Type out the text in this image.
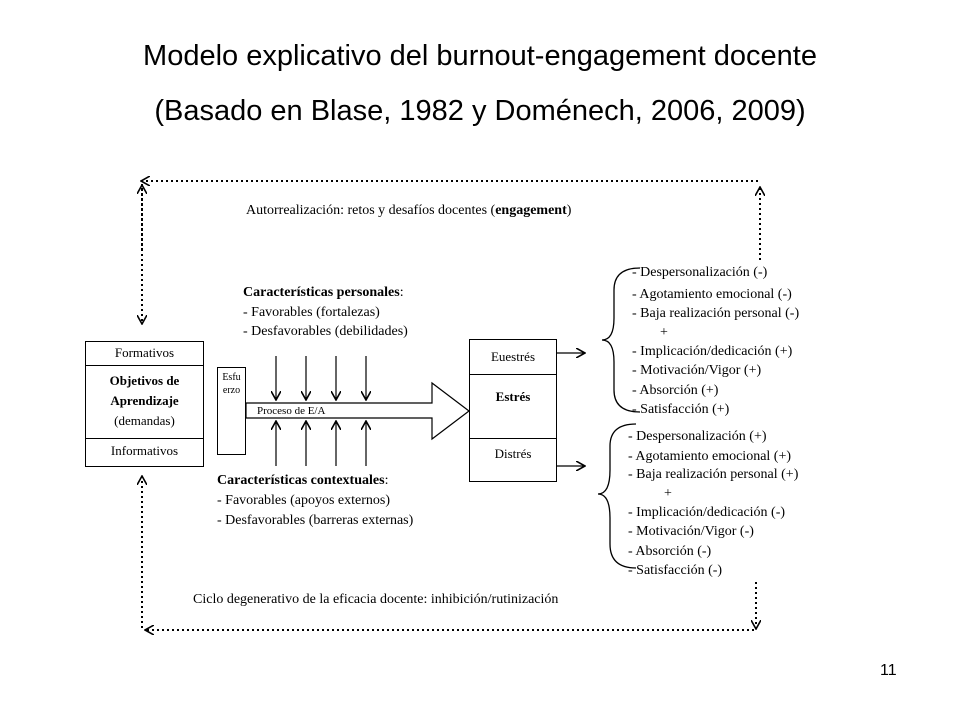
Modelo explicativo del burnout-engagement docente
(Basado en Blase, 1982 y Doménech, 2006, 2009)
Autorrealización: retos y desafíos docentes (engagement)
Formativos
Objetivos de
Aprendizaje
(demandas)
Informativos
Esfu
erzo
Proceso de E/A
Características personales:
- Favorables (fortalezas)
- Desfavorables (debilidades)
Características contextuales:
- Favorables (apoyos externos)
- Desfavorables (barreras externas)
Euestrés
Estrés
Distrés
- Despersonalización (-)
- Agotamiento emocional (-)
- Baja realización personal (-)
+
- Implicación/dedicación (+)
- Motivación/Vigor (+)
- Absorción (+)
- Satisfacción (+)
- Despersonalización (+)
- Agotamiento emocional (+)
- Baja realización personal (+)
+
- Implicación/dedicación (-)
- Motivación/Vigor (-)
- Absorción (-)
- Satisfacción (-)
Ciclo degenerativo de la eficacia docente: inhibición/rutinización
11
